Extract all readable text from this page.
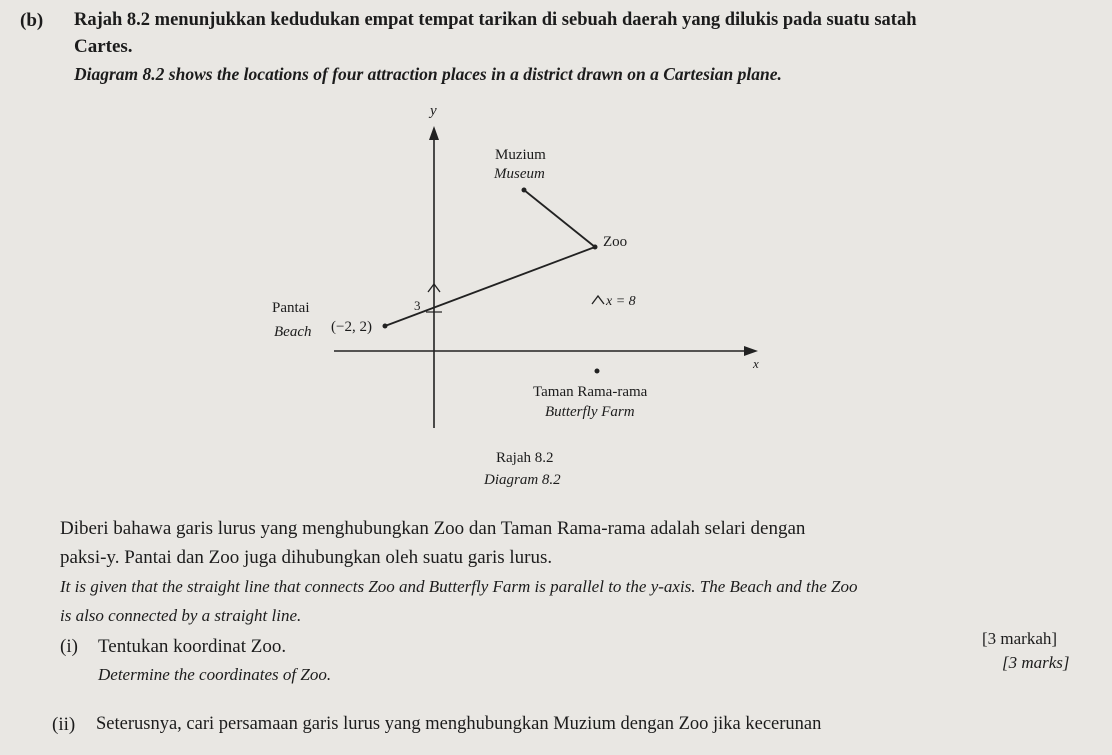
(b) Rajah 8.2 menunjukkan kedudukan empat tempat tarikan di sebuah daerah yang dilukis pada suatu satah
Cartes.
Diagram 8.2 shows the locations of four attraction places in a district drawn on a Cartesian plane.
y
x
Muzium
Museum
Zoo
Pantai
Beach (−2, 2)
3	x = 8
Taman Rama-rama
Butterfly Farm
Rajah 8.2
Diagram 8.2
Diberi bahawa garis lurus yang menghubungkan Zoo dan Taman Rama-rama adalah selari dengan
paksi-y. Pantai dan Zoo juga dihubungkan oleh suatu garis lurus.
It is given that the straight line that connects Zoo and Butterfly Farm is parallel to the y-axis. The Beach and the Zoo
is also connected by a straight line.
(i) Tentukan koordinat Zoo.
Determine the coordinates of Zoo.
[3 markah]
[3 marks]
(ii) Seterusnya, cari persamaan garis lurus yang menghubungkan Muzium dengan Zoo jika kecerunan
